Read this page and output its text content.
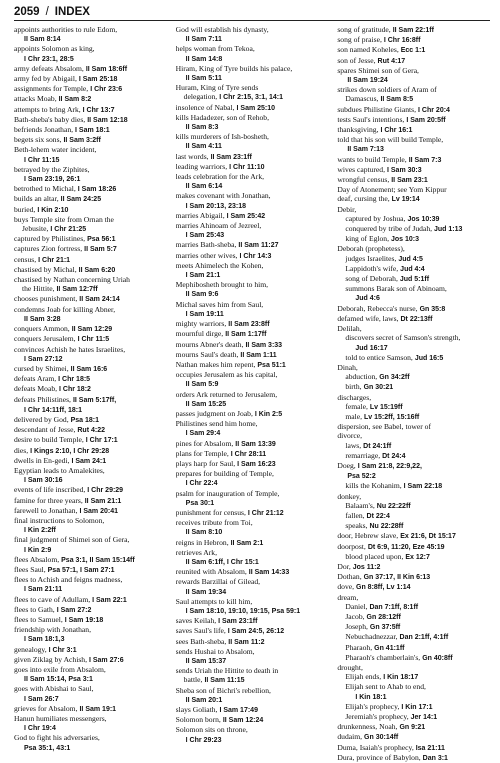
2059 / INDEX
appoints authorities to rule Edom,
II Sam 8:14
appoints Solomon as king,
I Chr 23:1, 28:5
army defeats Absalom, II Sam 18:6ff
army fed by Abigail, I Sam 25:18
assignments for Temple, I Chr 23:6
attacks Moab, II Sam 8:2
attempts to bring Ark, I Chr 13:7
Bath-sheba's baby dies, II Sam 12:18
befriends Jonathan, I Sam 18:1
begets six sons, II Sam 3:2ff
Beth-lehem water incident,
I Chr 11:15
betrayed by the Ziphites,
I Sam 23:19, 26:1
betrothed to Michal, I Sam 18:26
builds an altar, II Sam 24:25
buried, I Kin 2:10
buys Temple site from Ornan the
Jebusite, I Chr 21:25
captured by Philistines, Psa 56:1
captures Zion fortress, II Sam 5:7
census, I Chr 21:1
chastised by Michal, II Sam 6:20
chastised by Nathan concerning Uriah
the Hittite, II Sam 12:7ff
chooses punishment, II Sam 24:14
condemns Joab for killing Abner,
II Sam 3:28
conquers Ammon, II Sam 12:29
conquers Jerusalem, I Chr 11:5
convinces Achish he hates Israelites,
I Sam 27:12
cursed by Shimei, II Sam 16:6
defeats Aram, I Chr 18:5
defeats Moab, I Chr 18:2
defeats Philistines, II Sam 5:17ff,
I Chr 14:11ff, 18:1
delivered by God, Psa 18:1
descendant of Jesse, Rut 4:22
desire to build Temple, I Chr 17:1
dies, I Kings 2:10, I Chr 29:28
dwells in En-gedi, I Sam 24:1
Egyptian leads to Amalekites,
I Sam 30:16
events of life inscribed, I Chr 29:29
famine for three years, II Sam 21:1
farewell to Jonathan, I Sam 20:41
final instructions to Solomon,
I Kin 2:2ff
final judgment of Shimei son of Gera,
I Kin 2:9
flees Absalom, Psa 3:1, II Sam 15:14ff
flees Saul, Psa 57:1, I Sam 27:1
flees to Achish and feigns madness,
I Sam 21:11
flees to cave of Adullam, I Sam 22:1
flees to Gath, I Sam 27:2
flees to Samuel, I Sam 19:18
friendship with Jonathan,
I Sam 18:1,3
genealogy, I Chr 3:1
given Ziklag by Achish, I Sam 27:6
goes into exile from Absalom,
II Sam 15:14, Psa 3:1
goes with Abishai to Saul,
I Sam 26:7
grieves for Absalom, II Sam 19:1
Hanun humiliates messengers,
I Chr 19:4
God to fight his adversaries,
Psa 35:1, 43:1
God will establish his dynasty,
II Sam 7:11
helps woman from Tekoa,
II Sam 14:8
Hiram, King of Tyre builds his palace,
II Sam 5:11
Huram, King of Tyre sends
delegation, I Chr 2:15, 3:1, 14:1
insolence of Nabal, I Sam 25:10
kills Hadadezer, son of Rehob,
II Sam 8:3
kills murderers of Ish-bosheth,
II Sam 4:11
last words, II Sam 23:1ff
leading warriors, I Chr 11:10
leads celebration for the Ark,
II Sam 6:14
makes covenant with Jonathan,
I Sam 20:13, 23:18
marries Abigail, I Sam 25:42
marries Ahinoam of Jezreel,
I Sam 25:43
marries Bath-sheba, II Sam 11:27
marries other wives, I Chr 14:3
meets Ahimelech the Kohen,
I Sam 21:1
Mephibosheth brought to him,
II Sam 9:6
Michal saves him from Saul,
I Sam 19:11
mighty warriors, II Sam 23:8ff
mournful dirge, II Sam 1:17ff
mourns Abner's death, II Sam 3:33
mourns Saul's death, II Sam 1:11
Nathan makes him repent, Psa 51:1
occupies Jerusalem as his capital,
II Sam 5:9
orders Ark returned to Jerusalem,
II Sam 15:25
passes judgment on Joab, I Kin 2:5
Philistines send him home,
I Sam 29:4
pines for Absalom, II Sam 13:39
plans for Temple, I Chr 28:11
plays harp for Saul, I Sam 16:23
prepares for building of Temple,
I Chr 22:4
psalm for inauguration of Temple,
Psa 30:1
punishment for census, I Chr 21:12
receives tribute from Toi,
II Sam 8:10
reigns in Hebron, II Sam 2:1
retrieves Ark,
II Sam 6:1ff, I Chr 15:1
reunited with Absalom, II Sam 14:33
rewards Barzillai of Gilead,
II Sam 19:34
Saul attempts to kill him,
I Sam 18:10, 19:10, 19:15, Psa 59:1
saves Keilah, I Sam 23:1ff
saves Saul's life, I Sam 24:5, 26:12
sees Bath-sheba, II Sam 11:2
sends Hushai to Absalom,
II Sam 15:37
sends Uriah the Hittite to death in
battle, II Sam 11:15
Sheba son of Bichri's rebellion,
II Sam 20:1
slays Goliath, I Sam 17:49
Solomon born, II Sam 12:24
Solomon sits on throne,
I Chr 29:23
song of gratitude, II Sam 22:1ff
song of praise, I Chr 16:8ff
son named Koheles, Ecc 1:1
son of Jesse, Rut 4:17
spares Shimei son of Gera,
II Sam 19:24
strikes down soldiers of Aram of
Damascus, II Sam 8:5
subdues Philistine Giants, I Chr 20:4
tests Saul's intentions, I Sam 20:5ff
thanksgiving, I Chr 16:1
told that his son will build Temple,
II Sam 7:13
wants to build Temple, II Sam 7:3
wives captured, I Sam 30:3
wrongful census, II Sam 23:1
Day of Atonement; see Yom Kippur
deaf, cursing the, Lv 19:14
Debir,
captured by Joshua, Jos 10:39
conquered by tribe of Judah, Jud 1:13
king of Eglon, Jos 10:3
Deborah (prophetess),
judges Israelites, Jud 4:5
Lappidoth's wife, Jud 4:4
song of Deborah, Jud 5:1ff
summons Barak son of Abinoam,
Jud 4:6
Deborah, Rebecca's nurse, Gn 35:8
defamed wife, laws, Dt 22:13ff
Delilah,
discovers secret of Samson's strength,
Jud 16:17
told to entice Samson, Jud 16:5
Dinah,
abduction, Gn 34:2ff
birth, Gn 30:21
discharges,
female, Lv 15:19ff
male, Lv 15:2ff, 15:16ff
dispersion, see Babel, tower of
divorce,
laws, Dt 24:1ff
remarriage, Dt 24:4
Doeg, I Sam 21:8, 22:9,22,
Psa 52:2
kills the Kohanim, I Sam 22:18
donkey,
Balaam's, Nu 22:22ff
fallen, Dt 22:4
speaks, Nu 22:28ff
door, Hebrew slave, Ex 21:6, Dt 15:17
doorpost, Dt 6:9, 11:20, Eze 45:19
blood placed upon, Ex 12:7
Dor, Jos 11:2
Dothan, Gn 37:17, II Kin 6:13
dove, Gn 8:8ff, Lv 1:14
dream,
Daniel, Dan 7:1ff, 8:1ff
Jacob, Gn 28:12ff
Joseph, Gn 37:5ff
Nebuchadnezzar, Dan 2:1ff, 4:1ff
Pharaoh, Gn 41:1ff
Pharaoh's chamberlain's, Gn 40:8ff
drought,
Elijah ends, I Kin 18:17
Elijah sent to Ahab to end,
I Kin 18:1
Elijah's prophecy, I Kin 17:1
Jeremiah's prophecy, Jer 14:1
drunkenness, Noah, Gn 9:21
dudaim, Gn 30:14ff
Duma, Isaiah's prophecy, Isa 21:11
Dura, province of Babylon, Dan 3:1
